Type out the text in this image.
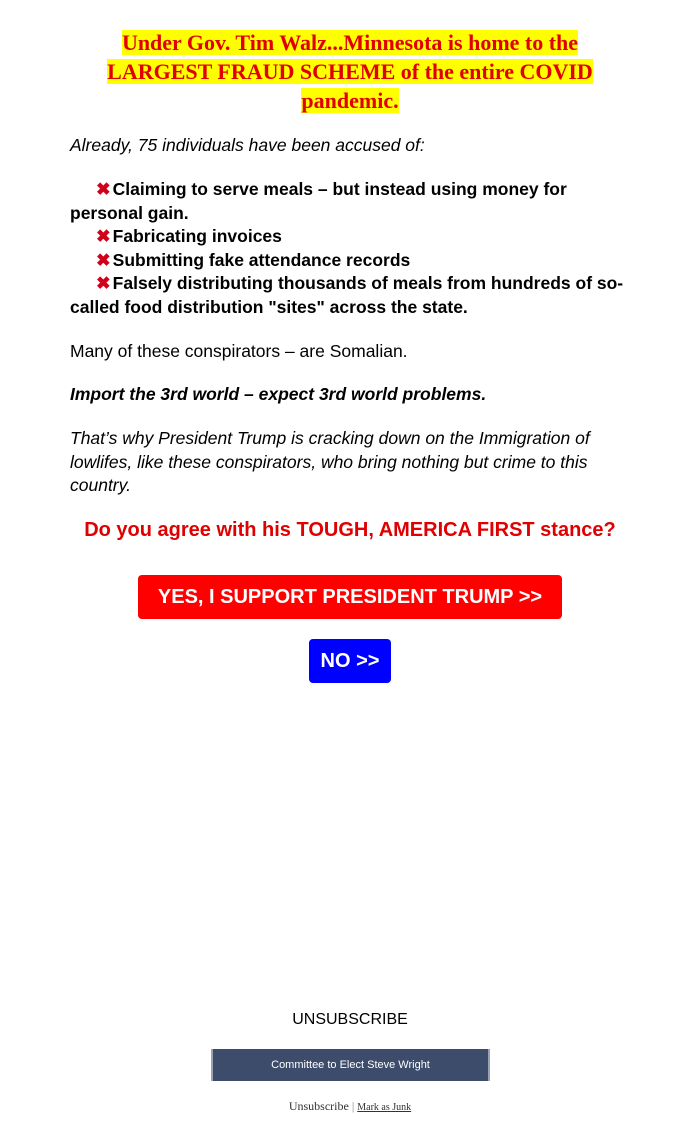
Under Gov. Tim Walz...Minnesota is home to the LARGEST FRAUD SCHEME of the entire COVID pandemic.
Already, 75 individuals have been accused of:
✖ Claiming to serve meals – but instead using money for personal gain.
✖ Fabricating invoices
✖ Submitting fake attendance records
✖ Falsely distributing thousands of meals from hundreds of so-called food distribution "sites" across the state.
Many of these conspirators – are Somalian.
Import the 3rd world – expect 3rd world problems.
That’s why President Trump is cracking down on the Immigration of lowlifes, like these conspirators, who bring nothing but crime to this country.
Do you agree with his TOUGH, AMERICA FIRST stance?
YES, I SUPPORT PRESIDENT TRUMP >>
NO >>
UNSUBSCRIBE
Committee to Elect Steve Wright
Unsubscribe | Mark as Junk
